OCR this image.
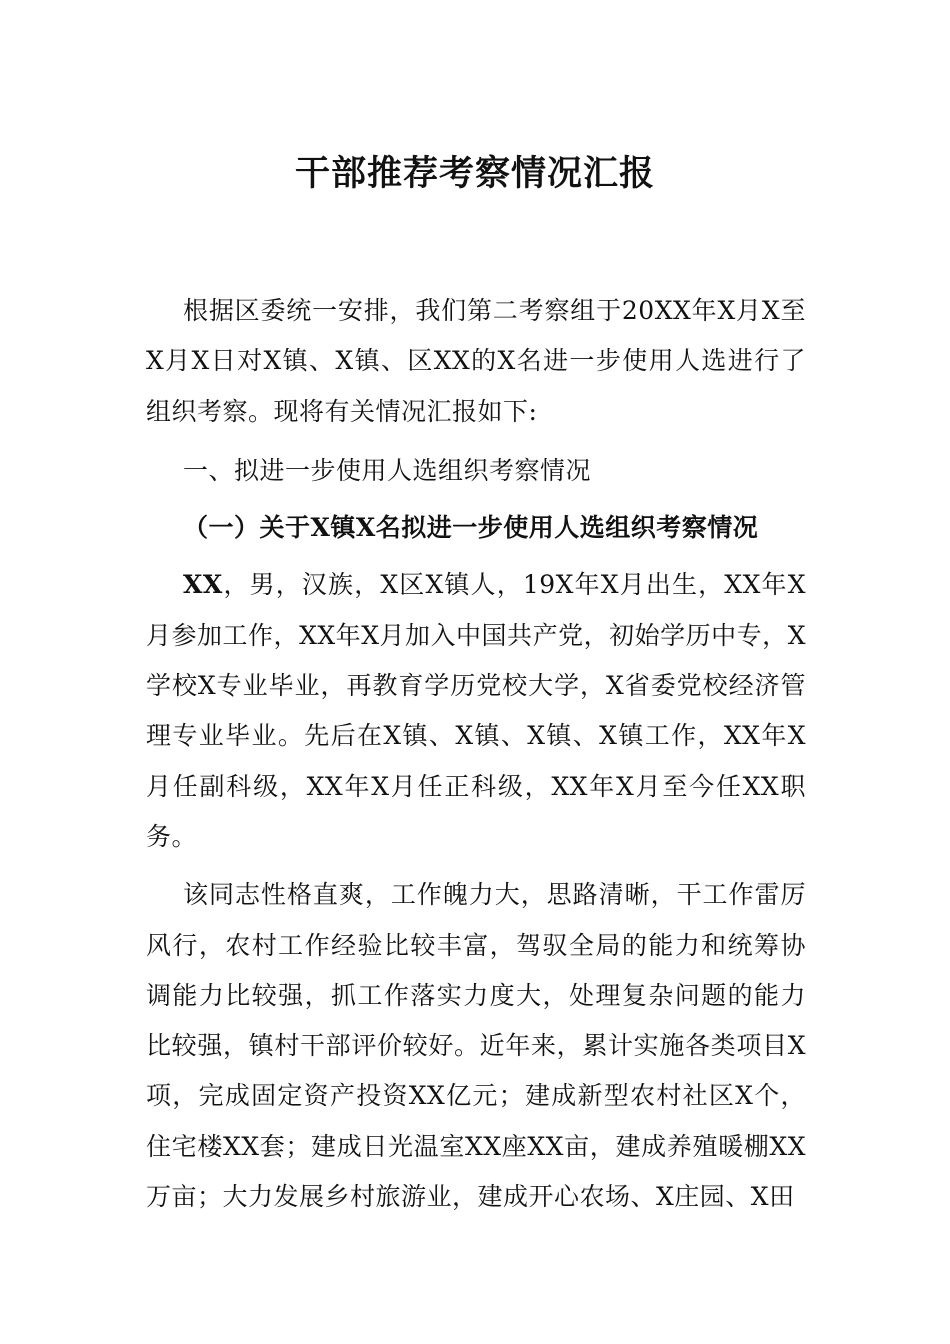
干部推荐考察情况汇报

根据区委统一安排，我们第二考察组于20XX年X月X至X月X日对X镇、X镇、区XX的X名进一步使用人选进行了组织考察。现将有关情况汇报如下:

一、拟进一步使用人选组织考察情况

（一）关于X镇X名拟进一步使用人选组织考察情况

XX，男，汉族，X区X镇人，19X年X月出生，XX年X月参加工作，XX年X月加入中国共产党，初始学历中专，X学校X专业毕业，再教育学历党校大学，X省委党校经济管理专业毕业。先后在X镇、X镇、X镇、X镇工作，XX年X月任副科级，XX年X月任正科级，XX年X月至今任XX职务。

该同志性格直爽，工作魄力大，思路清晰，干工作雷厉风行，农村工作经验比较丰富，驾驭全局的能力和统筹协调能力比较强，抓工作落实力度大，处理复杂问题的能力比较强，镇村干部评价较好。近年来，累计实施各类项目X项，完成固定资产投资XX亿元；建成新型农村社区X个，住宅楼XX套；建成日光温室XX座XX亩，建成养殖暖棚XX万亩；大力发展乡村旅游业，建成开心农场、X庄园、X田
